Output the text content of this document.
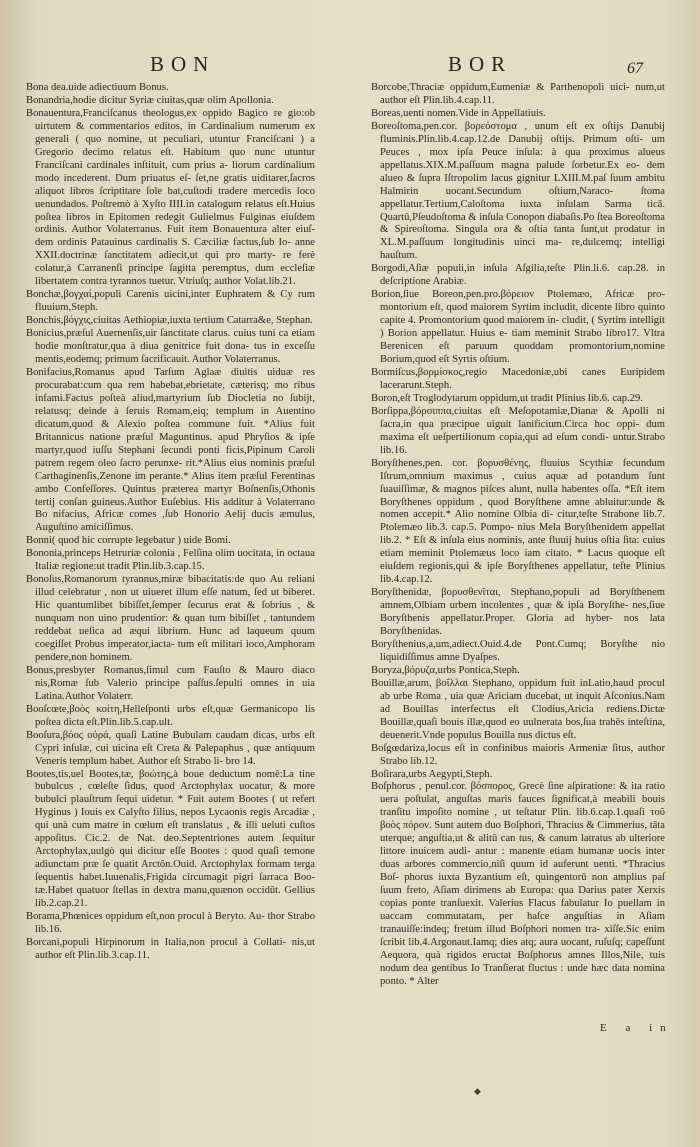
BON	BOR	67

Bona dea.uide adiectiuum Bonus.

Bonandria,hodie dicitur Syriæ ciuitas,quæ olim Apollonia.

Bonauentura,Franciſcanus theologus,ex oppido Bagico re gio:ob uirtutem & commentarios editos, in Cardinalium numerum ex generali ( quo nomine, ut peculiari, utuntur Franciſcani ) a Gregorio decimo relatus eſt. Habitum quo nunc utuntur Franciſcani cardinales inſtituit, cum prius a- liorum cardinalium modo incederent. Dum priuatus eſ- ſet,ne gratis uiditarer,ſacros aliquot libros ſcriptitare ſole bat,cuſtodi tradere mercedis loco uenundados. Poſtremò à Xyſto IIII.in catalogum relatus eſt.Huius poſtea libros in Epitomen redegit Gulielmus Fulginas eiuſdem ordinis. Author Volaterranus. Fuit item Bonauentura alter eiuſ- dem ordinis Patauinus cardinalis S. Cæciliæ factus,ſub Io- anne XXII.doctrinæ ſanctitatem adiecit,ut qui pro marty- re ferè colatur,à Carranenſi principe ſagitta peremptus, dum eccleſiæ libertatem contra tyrannos tuetur. Vtriuſq; author Volat.lib.21.

Bonchæ,βογχαί,populi Carenis uicini,inter Euphratem & Cy rum fluuium,Steph.

Bonchis,βόγχις,ciuitas Aethiopiæ,iuxta tertium Catarra&e, Stephan.

Bonicius,præſul Auernenſis,uir ſanctitate clarus. cuius tuni ca etiam hodie monſtratur,qua à diua genitrice fuit dona- tus in exceſſu mentis,eodemq; primum ſacrificauit. Author Volaterranus.

Bonifacius,Romanus apud Tarſum Aglaæ diuitis uiduæ res procurabat:cum qua rem habebat,ebrietate, cæterisq; mo ribus infami.Factus poſteà aliud,martyrium ſub Diocletia no ſubijt, relatusq; deinde à ſeruis Romam,eiq; templum in Auentino dicatum,quod & Alexio poſtea commune fuit. *Alius fuit Britannicus natione præſul Maguntinus. apud Phryſios & ipſe martyr,quod iuſſu Stephani ſecundi ponti ficis,Pipinum Caroli patrem regem oleo ſacro perunxe- rit.*Alius eius nominis præſul Carthaginenſis,Zenone im perante.* Alius item præſul Ferentinas ambo Confeſſores. Quintus præterea martyr Boſnenſis,Othonis tertij conſan guineus.Author Euſebius. His additur à Volaterrano Bo nifacius, Africæ comes ,ſub Honorio Aelij ducis æmulus, Auguſtino amiciſſimus.

Bonni( quod hic corrupte legebatur ) uide Bomi.

Bononia,princeps Hetruriæ colonia , Felſina olim uocitata, in octaua Italiæ regione:ut tradit Plin.lib.3.cap.15.

Bonoſus,Romanorum tyrannus,miræ bibacitatis:de quo Au reliani illud celebratur , non ut uiueret illum eſſe natum, ſed ut biberet. Hic quantumlibet bibiſſet,ſemper ſecurus erat & ſobrius , & nunquam non uino prudentior: & quan tum bibiſſet , tantundem reddebat ueſica ad æqui librium. Hunc ad laqueum quum coegiſſet Probus imperator,iacta- tum eſt militari ioco,Amphoram pendere,non hominem.

Bonus,presbyter Romanus,ſimul cum Fauſto & Mauro diaco nis,Romæ ſub Valerio principe paſſus.ſepulti omnes in uia Latina.Author Volaterr.

Booſcœte,βοὸς κοίτη,Helleſponti urbs eſt,quæ Germanicopo lis poſtea dicta eſt.Plin.lib.5.cap.ult.

Booſura,βόος οὐρά, quaſi Latine Bubulam caudam dicas, urbs eſt Cypri inſulæ, cui uicina eſt Creta & Palepaphus , quæ antiquum Veneris templum habet. Author eſt Strabo li- bro 14.

Bootes,tis,uel Bootes,tæ, βοώτης,à boue deductum nomē:La tine bubulcus , cœleſte ſidus, quod Arctophylax uocatur, & more bubulci plauſtrum ſequi uidetur. * Fuit autem Bootes ( ut refert Hyginus ) Iouis ex Calyſto filius, nepos Lycaonis regis Arcadiæ , qui unà cum matre in cœlum eſt translatus , & illi ueluti cuſtos appoſitus. Cic.2. de Nat. deo.Septentriones autem ſequitur Arctophylax,uulgò qui dicitur eſſe Bootes : quod quaſi temone adiunctam præ ſe quatit Arctŏn.Ouid. Arctophylax formam terga ſequentis habet.Iuuenalis,Frigida circumagit pigri ſarraca Boo- tæ.Habet quatuor ſtellas in dextra manu,quænon occidūt. Gellius lib.2.cap.21.

Borama,Phœnices oppidum eſt,non procul à Beryto. Au- thor Strabo lib.16.

Borcani,populi Hirpinorum in Italia,non procul à Collati- nis,ut author eſt Plin.lib.3.cap.11.

Borcobe,Thraciæ oppidum,Eumeniæ & Parthenopoli uici- num,ut author eſt Plin.lib.4.cap.11.

Boreas,uenti nomen.Vide in Appellatiuis.

Boreoſtoma,pen.cor. βορεόστομα , unum eſt ex oſtijs Danubij fluminis.Plin.lib.4.cap.12.de Danubij oſtijs. Primum oſti- um Peuces , mox ipſa Peuce inſula: à qua proximus alueus appellatus.XIX.M.paſſuum magna palude ſorbetur.Ex eo- dem alueo & ſupra Iſtropolim lacus gignitur LXIII.M.paſ ſuum ambitu Halmirin uocant.Secundum oſtium,Naraco- ſtoma appellatur.Tertium,Caloſtoma iuxta inſulam Sarma ticā. Quartū,Pſeudoſtoma & inſula Conopon diabaſis.Po ſtea Boreoſtoma & Spireoſtoma. Singula ora & oſtia tanta ſunt,ut prodatur in XL.M.paſſuum longitudinis uinci ma- re,dulcemq; intelligi hauſtum.

Borgodi,Aſiæ populi,in inſula Aſgilia,teſte Plin.li.6. cap.28. in deſcriptione Arabiæ.

Borion,ſiue Boreon,pen.pro.βόρειον Ptolemæo, Africæ pro- montorium eſt, quod maiorem Syrtim includit, dicente libro quinto capite 4. Promontorium quod maiorem in- cludit, ( Syrtim intelligit ) Borion appellatur. Huius e- tiam meminit Strabo libro17. Vltra Berenicen eſt paruum quoddam promontorium,nomine Borium,quod eſt Syrtis oſtium.

Bormiſcus,βορμίσκος,regio Macedoniæ,ubi canes Euripidem lacerarunt.Steph.

Boron,eſt Troglodytarum oppidum,ut tradit Plinius lib.6. cap.29.

Borſippa,βόρσιππα,ciuitas eſt Meſopotamiæ,Dianæ & Apolli ni ſacra,in qua præcipue uiguit lanificium.Circa hoc oppi- dum maxima eſt ueſpertilionum copia,qui ad eſum condi- untur.Strabo lib.16.

Boryſthenes,pen. cor. βορυσθένης, fluuius Scythiæ fecundum Iſtrum,omnium maximus , cuius aquæ ad potandum ſunt ſuauiſſimæ, & magnos piſces alunt, nulla habentes oſſa. *Eſt item Boryſthenes oppidum , quod Boryſthene amne abluitur:unde & nomen accepit.* Alio nomine Olbia di- citur,teſte Strabone lib.7. Ptolemæo lib.3. cap.5. Pompo- nius Mela Boryſthenidem appellat lib.2. * Eſt & inſula eius nominis, ante fluuij huius oſtia ſita: cuius etiam meminit Ptolemæus loco iam citato. * Lacus quoque eſt eiuſdem regionis,qui & ipſe Boryſthenes appellatur, teſte Plinius lib.4.cap.12.

Boryſthenidæ, βορυσθενῖται, Stephano,populi ad Boryſthenem amnem,Olbiam urbem incolentes , quæ & ipſa Boryſthe- nes,ſiue Boryſthenis appellatur.Proper. Gloria ad hyber- nos lata Boryſthenidas.

Boryſthenius,a,um,adiect.Ouid.4.de Pont.Cumq; Boryſthe nio liquidiſſimus amne Dyaſpes.

Boryza,βόρυζα,urbs Pontica,Steph.

Bouillæ,arum, βοΐλλαι Stephano, oppidum fuit inLatio,haud procul ab urbe Roma , uia quæ Ariciam ducebat, ut inquit Aſconius.Nam ad Bouillas interfectus eſt Clodius,Aricia rediens.Dictæ Bouillæ,quaſi bouis illæ,quod eo uulnerata bos,ſua trahēs inteſtina, deuenerit.Vnde populus Bouilla nus dictus eſt.

Boſgœdariza,locus eſt in confinibus maioris Armeniæ ſitus, author Strabo lib.12.

Boſirara,urbs Aegypti,Steph.

Boſphorus , penul.cor. βόσπορος, Grecè ſine aſpiratione: & ita ratio uera poſtulat, anguſtas maris fauces ſignificat,à meabili bouis tranſitu impoſito nomine , ut teſtatur Plin. lib.6.cap.1.quaſi τοῦ βοὸς πόρον. Sunt autem duo Boſphori, Thracius & Cimmerius, tāta uterque; anguſtia,ut & alitū can tus, & canum latratus ab ulteriore littore inuicem audi- antur : manente etiam humanæ uocis inter duas arbores commercio,niſi quum id auferunt uenti. *Thracius Boſ- phorus iuxta Byzantium eſt, quingentorū non amplius paſ ſuum freto, Aſiam dirimens ab Europa: qua Darius pater Xerxis copias ponte tranſuexit. Valerius Flacus fabulatur Io puellam in uaccam commutatam, per haſce anguſtias in Aſiam tranauiſſe:indeq; fretum illud Boſphori nomen tra- xiſſe.Sic enim ſcribit lib.4.Argonaut.Iamq; dies atq; aura uocant, ruſuſq; capeſſunt Aequora, quà rigidos eructat Boſphorus amnes Illos,Nile, tuis nodum dea gentibus Io Tranſierat fluctus : unde hæc data nomina ponto. * Alter

E a in
◆
